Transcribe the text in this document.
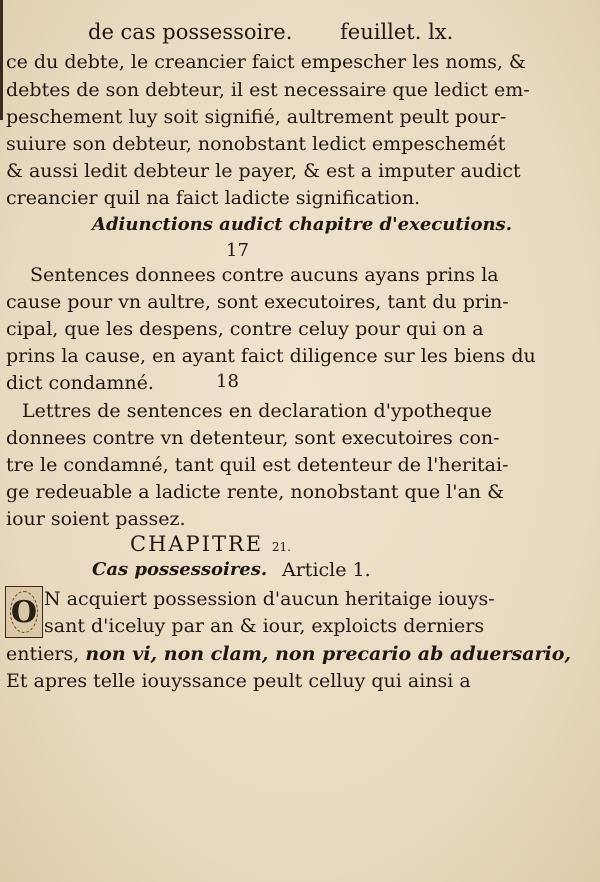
de cas possessoire. feuillet. lx.
ce du debte, le creancier faict empescher les noms, &
debtes de son debteur, il est necessaire que ledict em-
peschement luy soit signifié, aultrement peult pour-
suiure son debteur, nonobstant ledict empeschemét
& aussi ledit debteur le payer, & est a imputer audict
creancier quil na faict ladicte signification.
Adiunctions audict chapitre d'executions.
17
Sentences donnees contre aucuns ayans prins la
cause pour vn aultre, sont executoires, tant du prin-
cipal, que les despens, contre celuy pour qui on a
prins la cause, en ayant faict diligence sur les biens du
dict condamné.	18
Lettres de sentences en declaration d'ypotheque
donnees contre vn detenteur, sont executoires con-
tre le condamné, tant quil est detenteur de l'heritai-
ge redeuable a ladicte rente, nonobstant que l'an &
iour soient passez.
CHAPITRE 21.
Cas possessoires. Article 1.
O N acquiert possession d'aucun heritaige iouys-
sant d'iceluy par an & iour, exploicts derniers
entiers, non vi, non clam, non precario ab aduersario,
Et apres telle iouyssance peult celluy qui ainsi a
